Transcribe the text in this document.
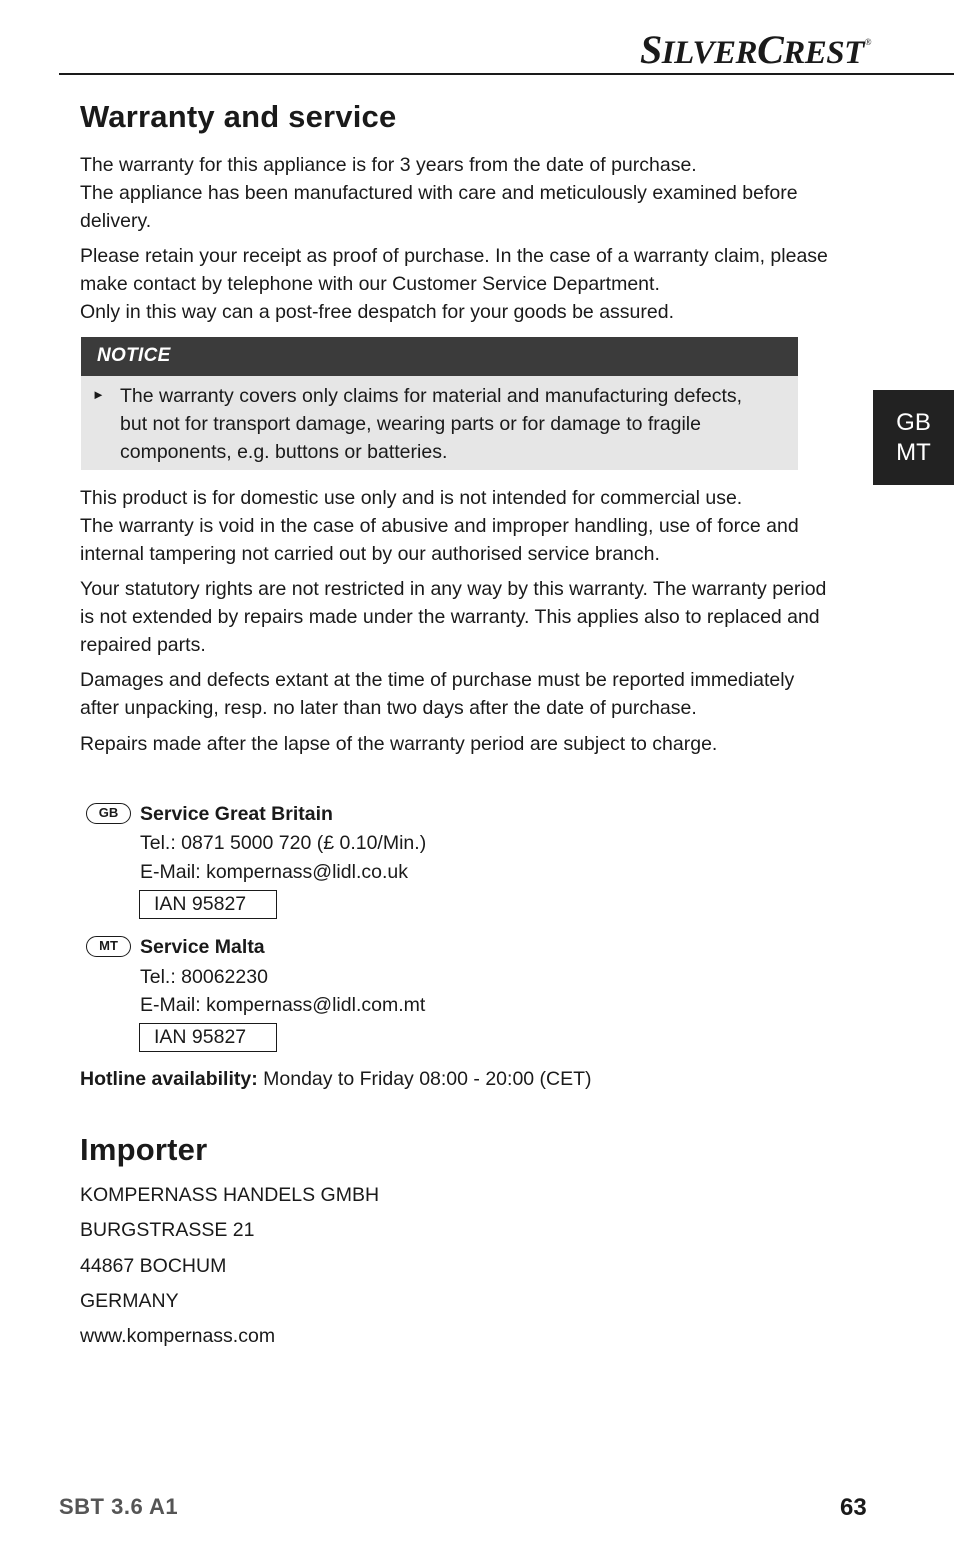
SILVERCREST®
GB
MT
Warranty and service
The warranty for this appliance is for 3 years from the date of purchase.
The appliance has been manufactured with care and meticulously examined before
delivery.
Please retain your receipt as proof of purchase. In the case of a warranty claim, please
make contact by telephone with our Customer Service Department.
Only in this way can a post-free despatch for your goods be assured.
NOTICE
► The warranty covers only claims for material and manufacturing defects,
but not for transport damage, wearing parts or for damage to fragile
components, e.g. buttons or batteries.
This product is for domestic use only and is not intended for commercial use.
The warranty is void in the case of abusive and improper handling, use of force and
internal tampering not carried out by our authorised service branch.
Your statutory rights are not restricted in any way by this warranty. The warranty period
is not extended by repairs made under the warranty. This applies also to replaced and
repaired parts.
Damages and defects extant at the time of purchase must be reported immediately
after unpacking, resp. no later than two days after the date of purchase.
Repairs made after the lapse of the warranty period are subject to charge.
GB	Service Great Britain
Tel.: 0871 5000 720 (£ 0.10/Min.)
E-Mail: kompernass@lidl.co.uk
IAN 95827
MT	Service Malta
Tel.: 80062230
E-Mail: kompernass@lidl.com.mt
IAN 95827
Hotline availability: Monday to Friday 08:00 - 20:00 (CET)
Importer
KOMPERNASS HANDELS GMBH
BURGSTRASSE 21
44867 BOCHUM
GERMANY
www.kompernass.com
SBT 3.6 A1	63
